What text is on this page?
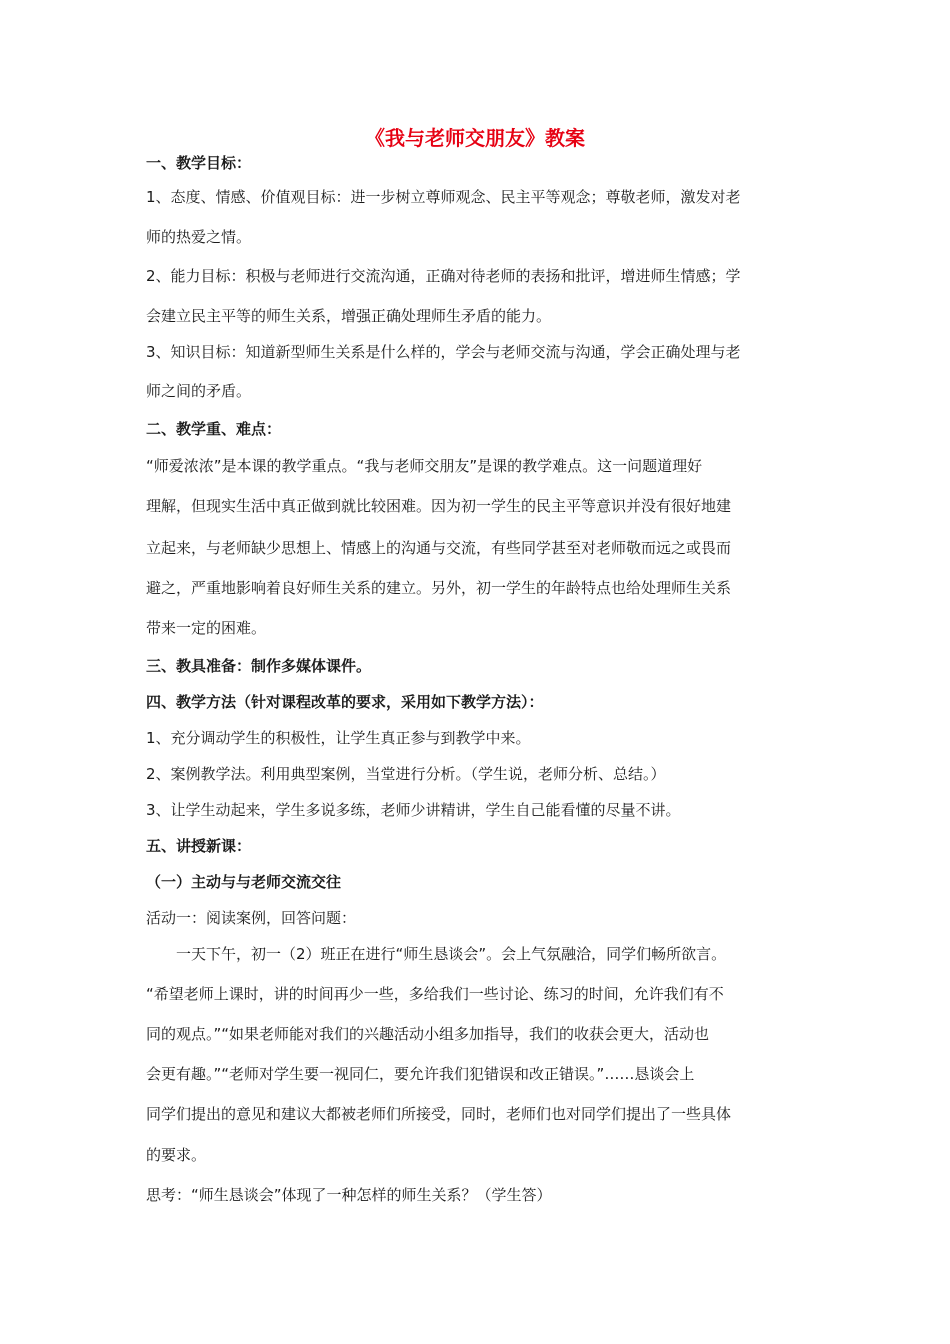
《我与老师交朋友》教案
一、教学目标：
1、态度、情感、价值观目标：进一步树立尊师观念、民主平等观念；尊敬老师，激发对老
师的热爱之情。
2、能力目标：积极与老师进行交流沟通，正确对待老师的表扬和批评，增进师生情感；学
会建立民主平等的师生关系，增强正确处理师生矛盾的能力。
3、知识目标：知道新型师生关系是什么样的，学会与老师交流与沟通，学会正确处理与老
师之间的矛盾。
二、教学重、难点：
“师爱浓浓”是本课的教学重点。“我与老师交朋友”是课的教学难点。这一问题道理好
理解，但现实生活中真正做到就比较困难。因为初一学生的民主平等意识并没有很好地建
立起来，与老师缺少思想上、情感上的沟通与交流，有些同学甚至对老师敬而远之或畏而
避之，严重地影响着良好师生关系的建立。另外，初一学生的年龄特点也给处理师生关系
带来一定的困难。
三、教具准备：制作多媒体课件。
四、教学方法（针对课程改革的要求，采用如下教学方法）：
1、充分调动学生的积极性，让学生真正参与到教学中来。
2、案例教学法。利用典型案例，当堂进行分析。（学生说，老师分析、总结。）
3、让学生动起来，学生多说多练，老师少讲精讲，学生自己能看懂的尽量不讲。
五、讲授新课：
（一）主动与与老师交流交往
活动一：阅读案例，回答问题：
一天下午，初一（2）班正在进行“师生恳谈会”。会上气氛融洽，同学们畅所欲言。
“希望老师上课时，讲的时间再少一些，多给我们一些讨论、练习的时间，允许我们有不
同的观点。”“如果老师能对我们的兴趣活动小组多加指导，我们的收获会更大，活动也
会更有趣。”“老师对学生要一视同仁，要允许我们犯错误和改正错误。”……恳谈会上
同学们提出的意见和建议大都被老师们所接受，同时，老师们也对同学们提出了一些具体
的要求。
思考：“师生恳谈会”体现了一种怎样的师生关系？（学生答）
